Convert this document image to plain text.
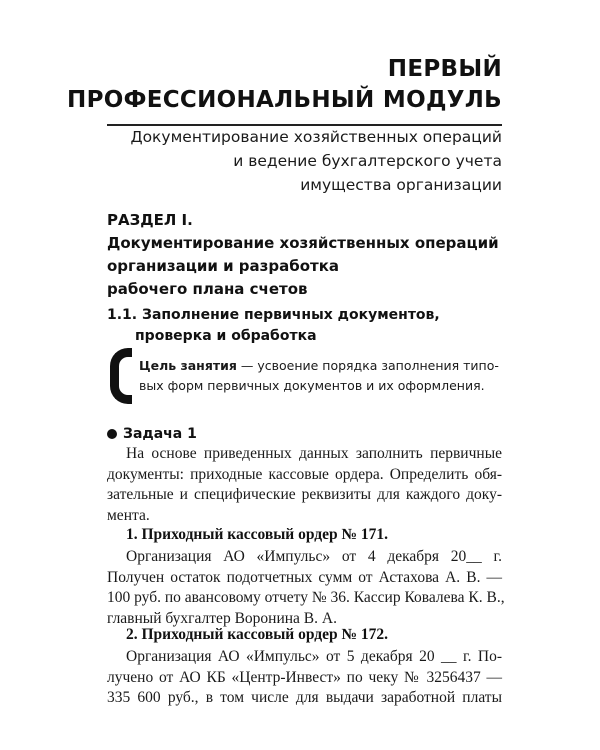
ПЕРВЫЙ
ПРОФЕССИОНАЛЬНЫЙ МОДУЛЬ
Документирование хозяйственных операций
и ведение бухгалтерского учета
имущества организации
РАЗДЕЛ I.
Документирование хозяйственных операций
организации и разработка
рабочего плана счетов
1.1. Заполнение первичных документов,
проверка и обработка
Цель занятия — усвоение порядка заполнения типо-
вых форм первичных документов и их оформления.
Задача 1
На основе приведенных данных заполнить первичные
документы: приходные кассовые ордера. Определить обя-
зательные и специфические реквизиты для каждого доку-
мента.
1. Приходный кассовый ордер № 171.
Организация АО «Импульс» от 4 декабря 20__ г.
Получен остаток подотчетных сумм от Астахова А. В. —
100 руб. по авансовому отчету № 36. Кассир Ковалева К. В.,
главный бухгалтер Воронина В. А.
2. Приходный кассовый ордер № 172.
Организация АО «Импульс» от 5 декабря 20 __ г. По-
лучено от АО КБ «Центр-Инвест» по чеку № 3256437 —
335 600 руб., в том числе для выдачи заработной платы
